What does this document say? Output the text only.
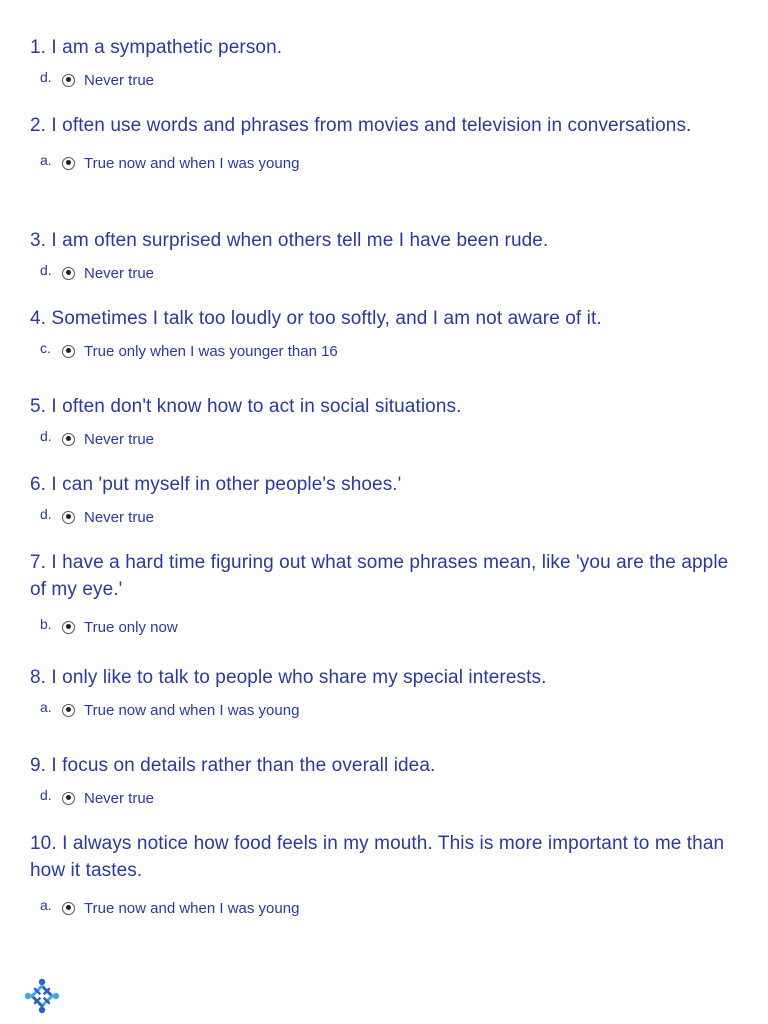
1. I am a sympathetic person.

d.	Never true

2. I often use words and phrases from movies and television in conversations.

a.	True now and when I was young

3. I am often surprised when others tell me I have been rude.

d.	Never true

4. Sometimes I talk too loudly or too softly, and I am not aware of it.

c.	True only when I was younger than 16

5. I often don't know how to act in social situations.

d.	Never true

6. I can 'put myself in other people's shoes.'

d.	Never true

7. I have a hard time figuring out what some phrases mean, like 'you are the apple of my eye.'

b.	True only now

8. I only like to talk to people who share my special interests.

a.	True now and when I was young

9. I focus on details rather than the overall idea.

d.	Never true

10. I always notice how food feels in my mouth. This is more important to me than how it tastes.

a.	True now and when I was young
